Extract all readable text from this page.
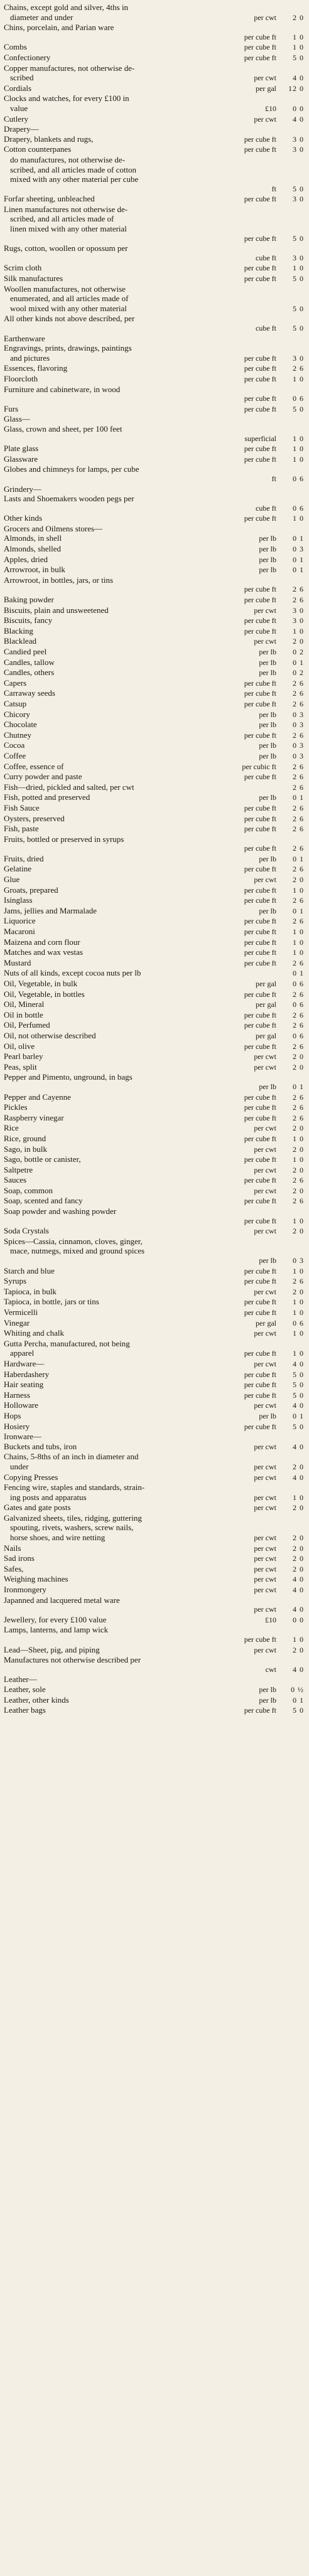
Chains, except gold and silver, 4ths in
diameter and under	per cwt	2 0
Chins, porcelain, and Parian ware
per cube ft	1 0
Combs	per cube ft	1 0
Confectionery	per cube ft	5 0
Copper manufactures, not otherwise de-
scribed	per cwt	4 0
Cordials	per gal	12 0
Clocks and watches, for every £100 in
value	£10	0 0
Cutlery	per cwt	4 0
Drapery—
Drapery, blankets and rugs,	per cube ft	3 0
Cotton counterpanes	per cube ft	3 0
do manufactures, not otherwise de-
scribed, and all articles made of cotton
mixed with any other material per cube
ft	5 0
Forfar sheeting, unbleached	per cube ft	3 0
Linen manufactures not otherwise de-
scribed, and all articles made of
linen mixed with any other material
per cube ft	5 0
Rugs, cotton, woollen or opossum per
cube ft	3 0
Scrim cloth	per cube ft	1 0
Silk manufactures	per cube ft	5 0
Woollen manufactures, not otherwise
enumerated, and all articles made of
wool mixed with any other material	5 0
All other kinds not above described, per
cube ft	5 0
Earthenware
Engravings, prints, drawings, paintings
and pictures	per cube ft	3 0
Essences, flavoring	per cube ft	2 6
Floorcloth	per cube ft	1 0
Furniture and cabinetware, in wood
per cube ft	0 6
Furs	per cube ft	5 0
Glass—
Glass, crown and sheet, per 100 feet
superficial	1 0
Plate glass	per cube ft	1 0
Glassware	per cube ft	1 0
Globes and chimneys for lamps, per cube
ft	0 6
Grindery—
Lasts and Shoemakers wooden pegs per
cube ft	0 6
Other kinds	per cube ft	1 0
Grocers and Oilmens stores—
Almonds, in shell	per lb	0 1
Almonds, shelled	per lb	0 3
Apples, dried	per lb	0 1
Arrowroot, in bulk	per lb	0 1
Arrowroot, in bottles, jars, or tins
per cube ft	2 6
Baking powder	per cube ft	2 6
Biscuits, plain and unsweetened	per cwt	3 0
Biscuits, fancy	per cube ft	3 0
Blacking	per cube ft	1 0
Blacklead	per cwt	2 0
Candied peel	per lb	0 2
Candles, tallow	per lb	0 1
Candles, others	per lb	0 2
Capers	per cube ft	2 6
Carraway seeds	per cube ft	2 6
Catsup	per cube ft	2 6
Chicory	per lb	0 3
Chocolate	per lb	0 3
Chutney	per cube ft	2 6
Cocoa	per lb	0 3
Coffee	per lb	0 3
Coffee, essence of	per cubic ft	2 6
Curry powder and paste	per cube ft	2 6
Fish—dried, pickled and salted, per cwt	2 6
Fish, potted and preserved	per lb	0 1
Fish Sauce	per cube ft	2 6
Oysters, preserved	per cube ft	2 6
Fish, paste	per cube ft	2 6
Fruits, bottled or preserved in syrups
per cube ft	2 6
Fruits, dried	per lb	0 1
Gelatine	per cube ft	2 6
Glue	per cwt	2 0
Groats, prepared	per cube ft	1 0
Isinglass	per cube ft	2 6
Jams, jellies and Marmalade	per lb	0 1
Liquorice	per cube ft	2 6
Macaroni	per cube ft	1 0
Maizena and corn flour	per cube ft	1 0
Matches and wax vestas	per cube ft	1 0
Mustard	per cube ft	2 6
Nuts of all kinds, except cocoa nuts per lb	0 1
Oil, Vegetable, in bulk	per gal	0 6
Oil, Vegetable, in bottles	per cube ft	2 6
Oil, Mineral	per gal	0 6
Oil in bottle	per cube ft	2 6
Oil, Perfumed	per cube ft	2 6
Oil, not otherwise described	per gal	0 6
Oil, olive	per cube ft	2 6
Pearl barley	per cwt	2 0
Peas, split	per cwt	2 0
Pepper and Pimento, unground, in bags
per lb	0 1
Pepper and Cayenne	per cube ft	2 6
Pickles	per cube ft	2 6
Raspberry vinegar	per cube ft	2 6
Rice	per cwt	2 0
Rice, ground	per cube ft	1 0
Sago, in bulk	per cwt	2 0
Sago, bottle or canister,	per cube ft	1 0
Saltpetre	per cwt	2 0
Sauces	per cube ft	2 6
Soap, common	per cwt	2 0
Soap, scented and fancy	per cube ft	2 6
Soap powder and washing powder
per cube ft	1 0
Soda Crystals	per cwt	2 0
Spices—Cassia, cinnamon, cloves, ginger,
mace, nutmegs, mixed and ground spices
per lb	0 3
Starch and blue	per cube ft	1 0
Syrups	per cube ft	2 6
Tapioca, in bulk	per cwt	2 0
Tapioca, in bottle, jars or tins	per cube ft	1 0
Vermicelli	per cube ft	1 0
Vinegar	per gal	0 6
Whiting and chalk	per cwt	1 0
Gutta Percha, manufactured, not being
apparel	per cube ft	1 0
Hardware—	per cwt	4 0
Haberdashery	per cube ft	5 0
Hair seating	per cube ft	5 0
Harness	per cube ft	5 0
Holloware	per cwt	4 0
Hops	per lb	0 1
Hosiery	per cube ft	5 0
Ironware—
Buckets and tubs, iron	per cwt	4 0
Chains, 5-8ths of an inch in diameter and
under	per cwt	2 0
Copying Presses	per cwt	4 0
Fencing wire, staples and standards, strain-
ing posts and apparatus	per cwt	1 0
Gates and gate posts	per cwt	2 0
Galvanized sheets, tiles, ridging, guttering
spouting, rivets, washers, screw nails,
horse shoes, and wire netting	per cwt	2 0
Nails	per cwt	2 0
Sad irons	per cwt	2 0
Safes,	per cwt	2 0
Weighing machines	per cwt	4 0
Ironmongery	per cwt	4 0
Japanned and lacquered metal ware
per cwt	4 0
Jewellery, for every £100 value	£10	0 0
Lamps, lanterns, and lamp wick
per cube ft	1 0
Lead—Sheet, pig, and piping	per cwt	2 0
Manufactures not otherwise described per
cwt	4 0
Leather—
Leather, sole	per lb	0 ½
Leather, other kinds	per lb	0 1
Leather bags	per cube ft	5 0
